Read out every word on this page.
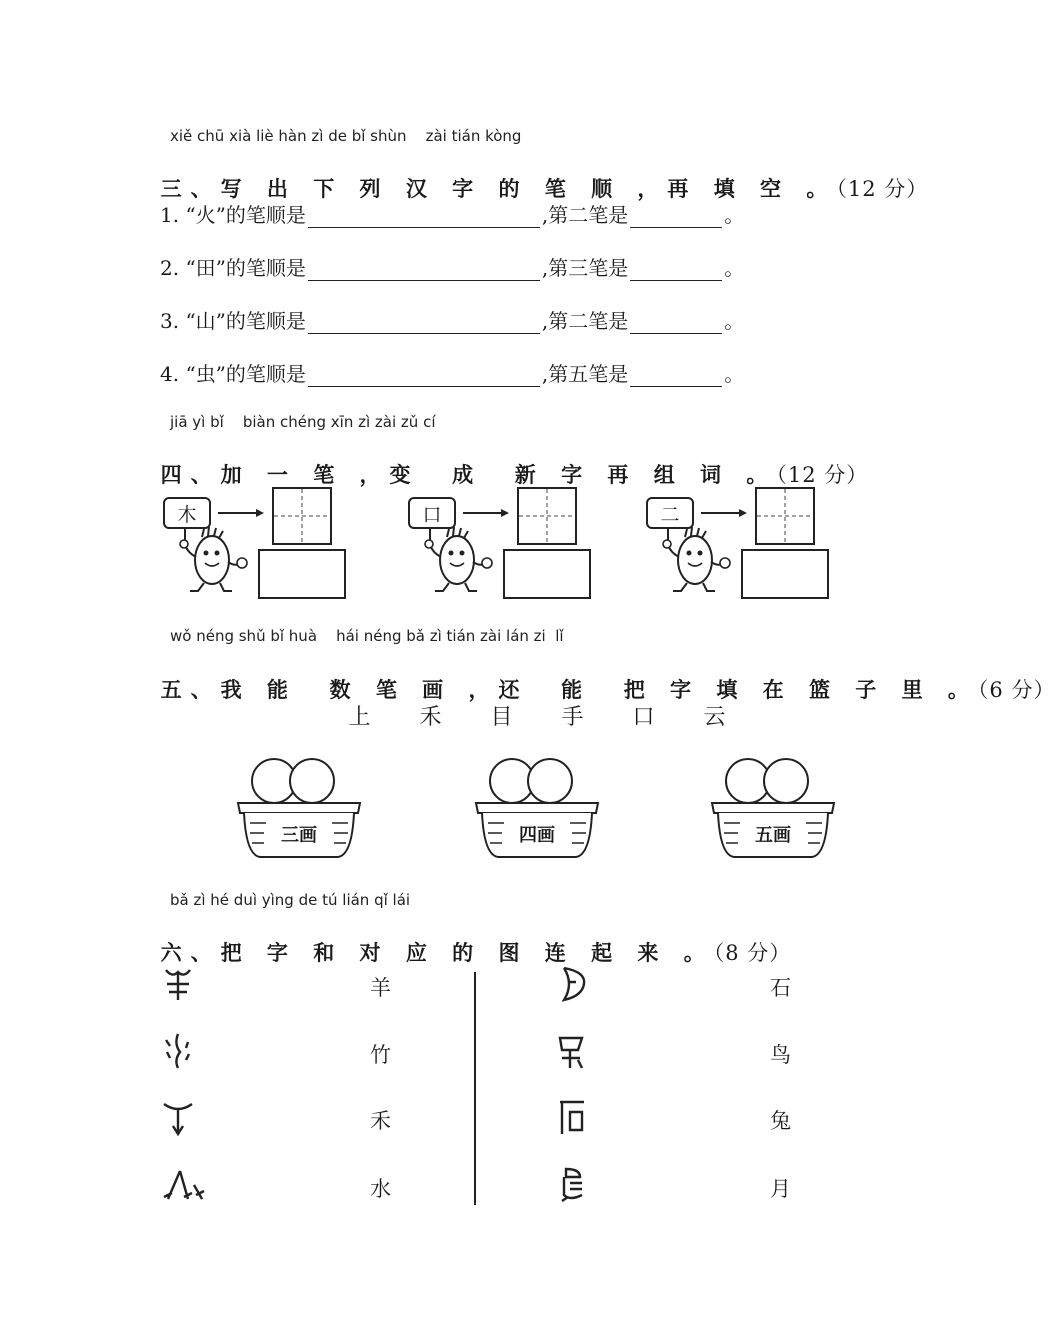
xiě chū xià liè hàn zì de bǐ shùn    zài tián kòng

三、写 出 下 列 汉 字 的 笔 顺 ，再 填 空 。（12 分）

1. “火”的笔顺是	,第二笔是	。
2. “田”的笔顺是	,第三笔是	。
3. “山”的笔顺是	,第二笔是	。
4. “虫”的笔顺是	,第五笔是	。
jiā yì bǐ    biàn chéng xīn zì zài zǔ cí

四、加 一 笔 ，变  成  新 字 再 组 词 。（12 分）

木	口	二
wǒ néng shǔ bǐ huà    hái néng bǎ zì tián zài lán zi  lǐ

五、我 能  数 笔 画 ，还  能  把 字 填 在 篮 子 里 。（6 分）

上 禾 目 手 口 云
三画	四画	五画
bǎ zì hé duì yìng de tú lián qǐ lái

六、把 字 和 对 应 的 图 连 起 来 。（8 分）

羊
竹
禾
水
石
鸟
兔
月
